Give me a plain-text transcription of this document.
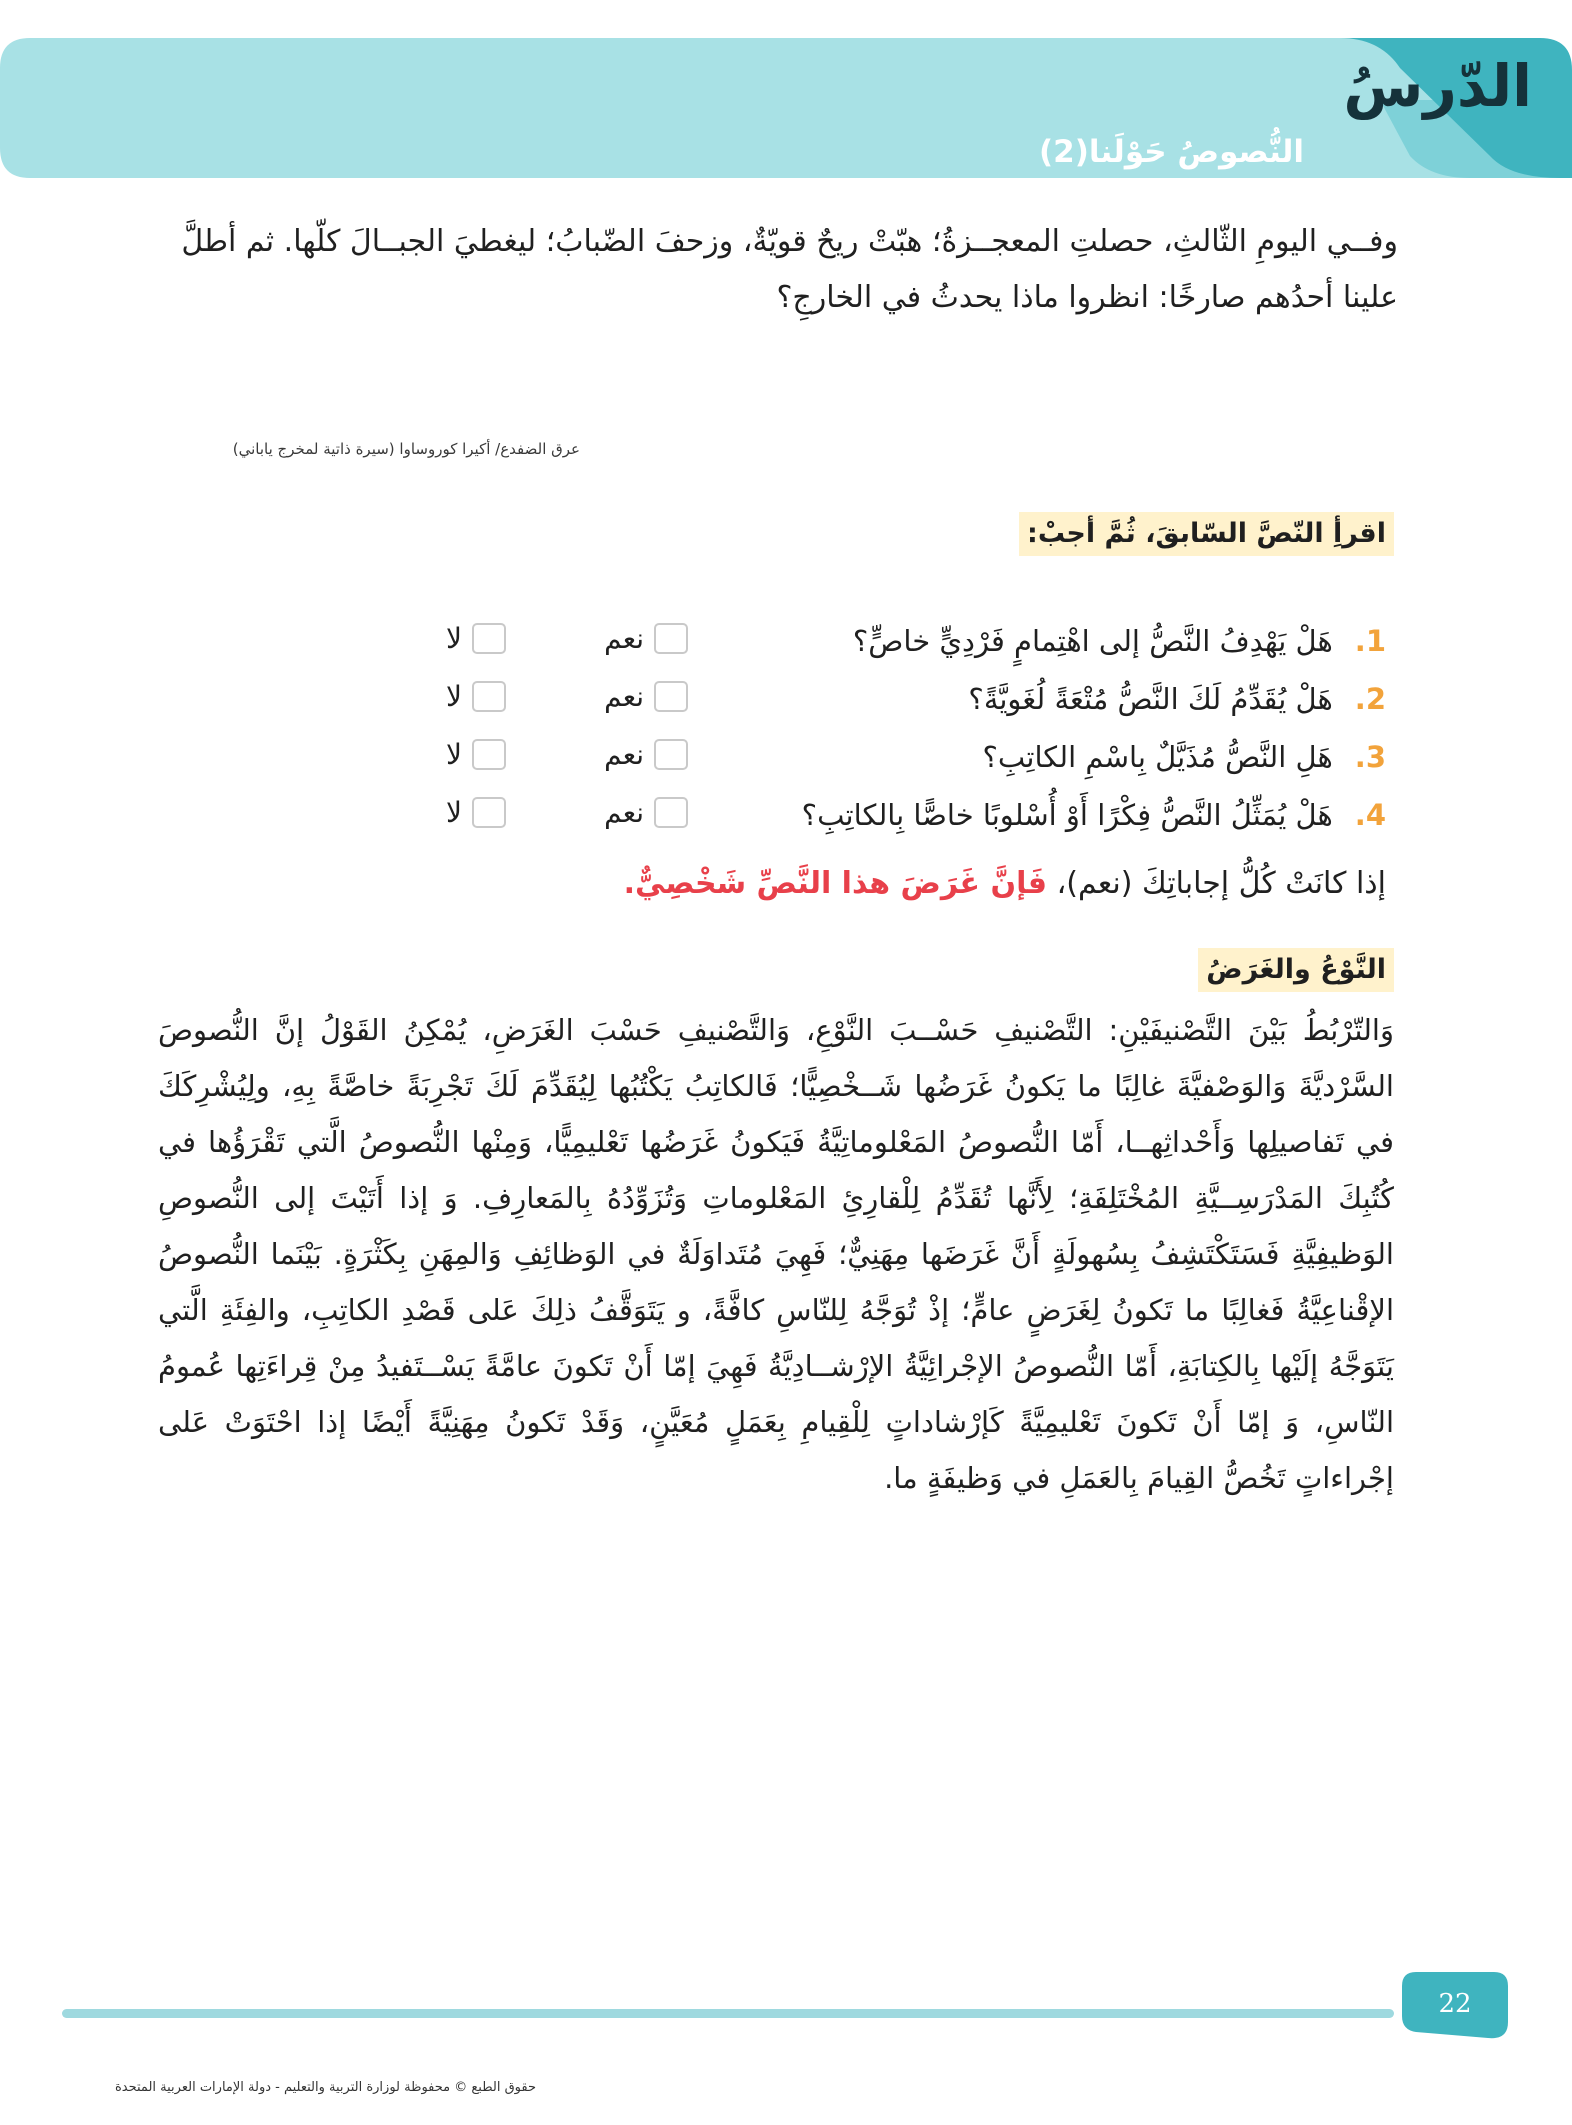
الدّرسُ
النُّصوصُ حَوْلَنا(2)

وفــي اليومِ الثّالثِ، حصلتِ المعجــزةُ؛ هبّتْ ريحٌ قويّةٌ، وزحفَ الضّبابُ؛ ليغطيَ الجبــالَ كلّها. ثم أطلَّ علينا أحدُهم صارخًا: انظروا ماذا يحدثُ في الخارجِ؟

عرق الضفدع/ أكيرا كوروساوا (سيرة ذاتية لمخرج ياباني)

اقرأِ النّصَّ السّابقَ، ثُمَّ أجبْ:
1.
هَلْ يَهْدِفُ النَّصُّ إلى اهْتِمامٍ فَرْدِيٍّ خاصٍّ؟
نعم
لا
2.
هَلْ يُقَدِّمُ لَكَ النَّصُّ مُتْعَةً لُغَويَّةً؟
نعم
لا
3.
هَلِ النَّصُّ مُذَيَّلٌ بِاسْمِ الكاتِبِ؟
نعم
لا
4.
هَلْ يُمَثِّلُ النَّصُّ فِكْرًا أَوْ أُسْلوبًا خاصًّا بِالكاتِبِ؟
نعم
لا

إذا كانَتْ كُلُّ إجاباتِكَ (نعم)، فَإنَّ غَرَضَ هذا النَّصِّ شَخْصِيٌّ.

النَّوْعُ والغَرَضُ

وَالتّرْبُطُ بَيْنَ التَّصْنيفَيْنِ: التَّصْنيفِ حَسْــبَ النَّوْعِ، وَالتَّصْنيفِ حَسْبَ الغَرَضِ، يُمْكِنُ القَوْلُ إنَّ النُّصوصَ السَّرْديَّةَ وَالوَصْفيَّةَ غالِبًا ما يَكونُ غَرَضُها شَــخْصِيًّا؛ فَالكاتِبُ يَكْتُبُها لِيُقَدِّمَ لَكَ تَجْرِبَةً خاصَّةً بِهِ، ولِيُشْرِكَكَ في تَفاصيلِها وَأَحْداثِهــا، أَمّا النُّصوصُ المَعْلوماتِيَّةُ فَيَكونُ غَرَضُها تَعْليمِيًّا، وَمِنْها النُّصوصُ الَّتي تَقْرَؤُها في كُتُبِكَ المَدْرَسِــيَّةِ المُخْتَلِفَةِ؛ لِأَنَّها تُقَدِّمُ لِلْقارِئِ المَعْلوماتِ وَتُزَوِّدُهُ بِالمَعارِفِ. وَ إذا أَتَيْتَ إلى النُّصوصِ الوَظيفِيَّةِ فَسَتَكْتَشِفُ بِسُهولَةٍ أَنَّ غَرَضَها مِهَنِيٌّ؛ فَهِيَ مُتَداوَلَةٌ في الوَظائِفِ وَالمِهَنِ بِكَثْرَةٍ. بَيْنَما النُّصوصُ الإقْناعِيَّةُ فَغالِبًا ما تَكونُ لِغَرَضٍ عامٍّ؛ إذْ تُوَجَّهُ لِلنّاسِ كافَّةً، و يَتَوَقَّفُ ذلِكَ عَلى قَصْدِ الكاتِبِ، والفِئَةِ الَّتي يَتَوَجَّهُ إلَيْها بِالكِتابَةِ، أَمّا النُّصوصُ الإجْرائِيَّةُ الإرْشــادِيَّةُ فَهِيَ إمّا أَنْ تَكونَ عامَّةً يَسْــتَفيدُ مِنْ قِراءَتِها عُمومُ النّاسِ، وَ إمّا أَنْ تَكونَ تَعْليمِيَّةً كَإرْشاداتٍ لِلْقِيامِ بِعَمَلٍ مُعَيَّنٍ، وَقَدْ تَكونُ مِهَنِيَّةً أَيْضًا إذا احْتَوَتْ عَلى إجْراءاتٍ تَخُصُّ القِيامَ بِالعَمَلِ في وَظيفَةٍ ما.

22

حقوق الطبع © محفوظة لوزارة التربية والتعليم - دولة الإمارات العربية المتحدة
